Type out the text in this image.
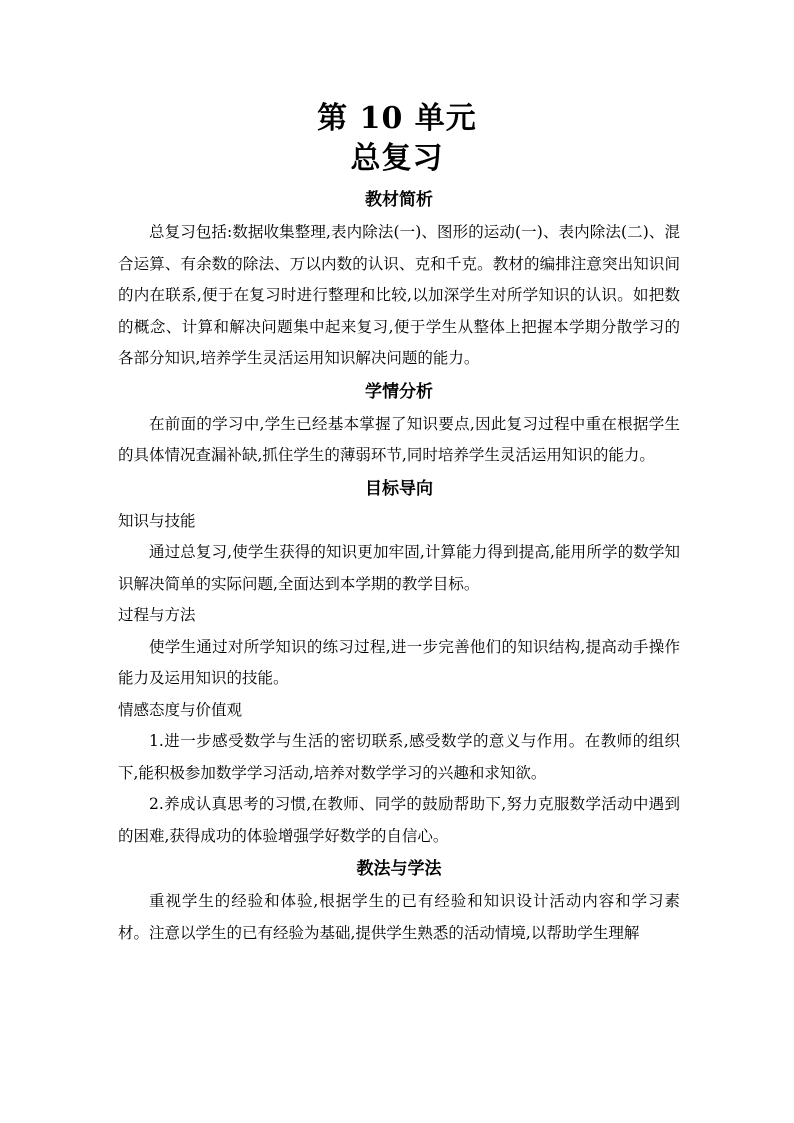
第 10 单元
总复习
教材简析

总复习包括:数据收集整理,表内除法(一)、图形的运动(一)、表内除法(二)、混合运算、有余数的除法、万以内数的认识、克和千克。教材的编排注意突出知识间的内在联系,便于在复习时进行整理和比较,以加深学生对所学知识的认识。如把数的概念、计算和解决问题集中起来复习,便于学生从整体上把握本学期分散学习的各部分知识,培养学生灵活运用知识解决问题的能力。

学情分析

在前面的学习中,学生已经基本掌握了知识要点,因此复习过程中重在根据学生的具体情况查漏补缺,抓住学生的薄弱环节,同时培养学生灵活运用知识的能力。

目标导向

知识与技能

通过总复习,使学生获得的知识更加牢固,计算能力得到提高,能用所学的数学知识解决简单的实际问题,全面达到本学期的教学目标。

过程与方法

使学生通过对所学知识的练习过程,进一步完善他们的知识结构,提高动手操作能力及运用知识的技能。

情感态度与价值观

1.进一步感受数学与生活的密切联系,感受数学的意义与作用。在教师的组织下,能积极参加数学学习活动,培养对数学学习的兴趣和求知欲。

2.养成认真思考的习惯,在教师、同学的鼓励帮助下,努力克服数学活动中遇到的困难,获得成功的体验增强学好数学的自信心。

教法与学法

重视学生的经验和体验,根据学生的已有经验和知识设计活动内容和学习素材。注意以学生的已有经验为基础,提供学生熟悉的活动情境,以帮助学生理解
